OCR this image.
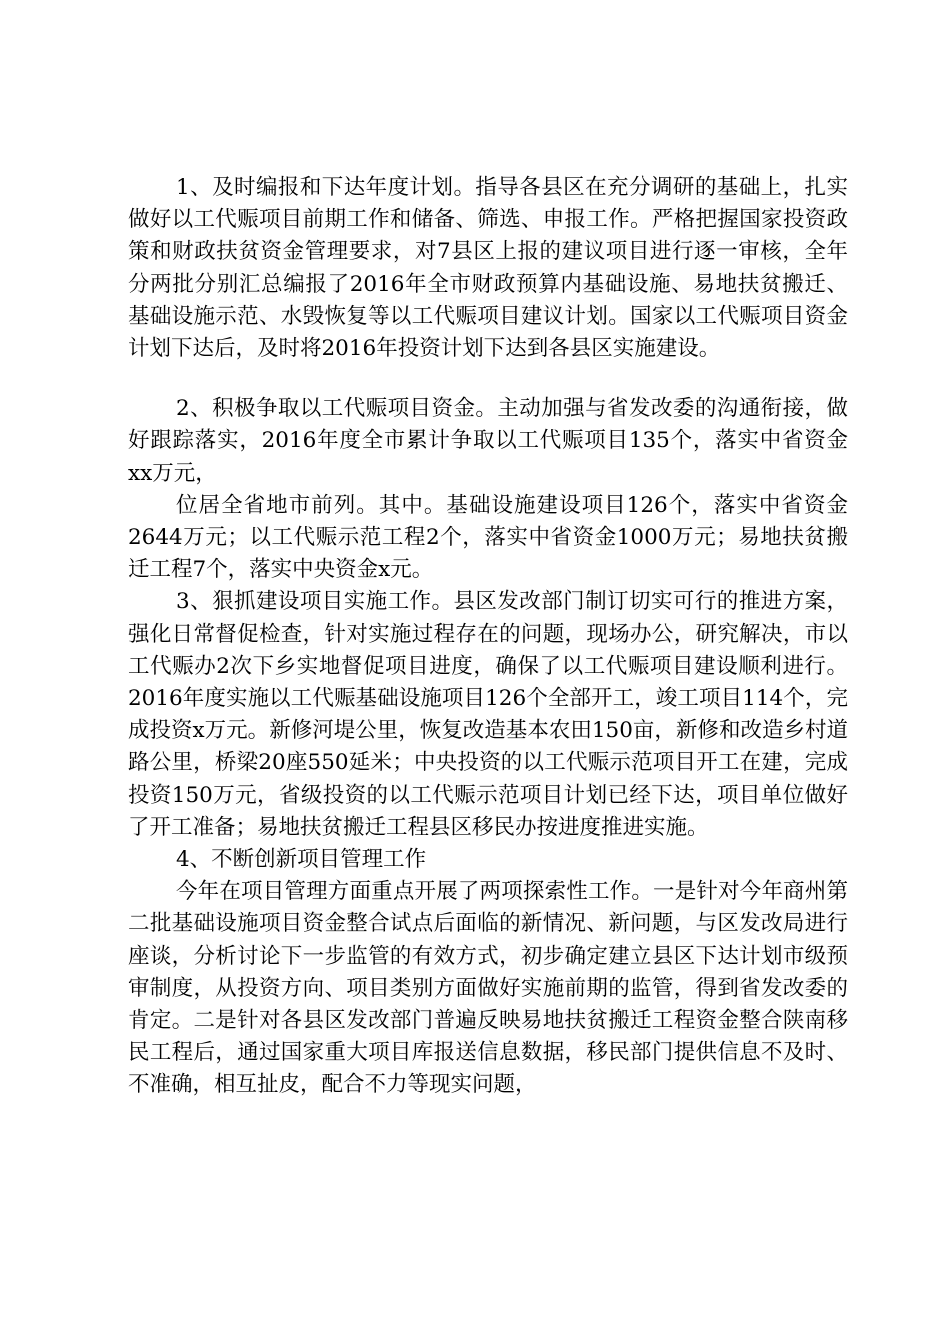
1、及时编报和下达年度计划。指导各县区在充分调研的基础上，扎实做好以工代赈项目前期工作和储备、筛选、申报工作。严格把握国家投资政策和财政扶贫资金管理要求，对7县区上报的建议项目进行逐一审核，全年分两批分别汇总编报了2016年全市财政预算内基础设施、易地扶贫搬迁、基础设施示范、水毁恢复等以工代赈项目建议计划。国家以工代赈项目资金计划下达后，及时将2016年投资计划下达到各县区实施建设。

2、积极争取以工代赈项目资金。主动加强与省发改委的沟通衔接，做好跟踪落实，2016年度全市累计争取以工代赈项目135个，落实中省资金xx万元，

位居全省地市前列。其中。基础设施建设项目126个，落实中省资金2644万元；以工代赈示范工程2个，落实中省资金1000万元；易地扶贫搬迁工程7个，落实中央资金x元。

3、狠抓建设项目实施工作。县区发改部门制订切实可行的推进方案，强化日常督促检查，针对实施过程存在的问题，现场办公，研究解决，市以工代赈办2次下乡实地督促项目进度，确保了以工代赈项目建设顺利进行。2016年度实施以工代赈基础设施项目126个全部开工，竣工项目114个，完成投资x万元。新修河堤公里，恢复改造基本农田150亩，新修和改造乡村道路公里，桥梁20座550延米；中央投资的以工代赈示范项目开工在建，完成投资150万元，省级投资的以工代赈示范项目计划已经下达，项目单位做好了开工准备；易地扶贫搬迁工程县区移民办按进度推进实施。

4、不断创新项目管理工作

今年在项目管理方面重点开展了两项探索性工作。一是针对今年商州第二批基础设施项目资金整合试点后面临的新情况、新问题，与区发改局进行座谈，分析讨论下一步监管的有效方式，初步确定建立县区下达计划市级预审制度，从投资方向、项目类别方面做好实施前期的监管，得到省发改委的肯定。二是针对各县区发改部门普遍反映易地扶贫搬迁工程资金整合陕南移民工程后，通过国家重大项目库报送信息数据，移民部门提供信息不及时、不准确，相互扯皮，配合不力等现实问题，
